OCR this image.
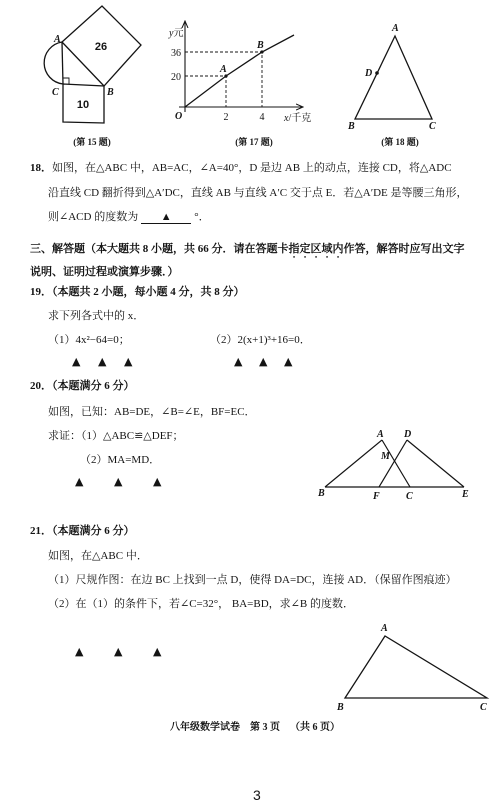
A
C	B
26
10
(第 15 题)
y元
36
20
O	2	4 x/千克
A
B
(第 17 题)
A
D
B	C
(第 18 题)
A D
M
B	F	C	E
A
B	C
18．如图，在△ABC 中，AB=AC，∠A=40°，D 是边 AB 上的动点，连接 CD，将△ADC
沿直线 CD 翻折得到△A′DC，直线 AB 与直线 A′C 交于点 E．若△A′DE 是等腰三角形，
则∠ACD 的度数为 ▲ °．
三、解答题（本大题共 8 小题，共 66 分．请在答题卡指定区域内作答，解答时应写出文字
说明、证明过程或演算步骤．）
19．（本题共 2 小题，每小题 4 分，共 8 分）
求下列各式中的 x．
（1）4x²−64=0；	（2）2(x+1)³+16=0．
▲ ▲ ▲	▲ ▲ ▲
20．（本题满分 6 分）
如图，已知：AB=DE，∠B=∠E，BF=EC．
求证：（1）△ABC≌△DEF；
（2）MA=MD．
▲	▲	▲
21．（本题满分 6 分）
如图，在△ABC 中．
（1）尺规作图：在边 BC 上找到一点 D，使得 DA=DC，连接 AD．（保留作图痕迹）
（2）在（1）的条件下，若∠C=32°， BA=BD，求∠B 的度数．
▲	▲	▲
八年级数学试卷 第 3 页 （共 6 页）
3
